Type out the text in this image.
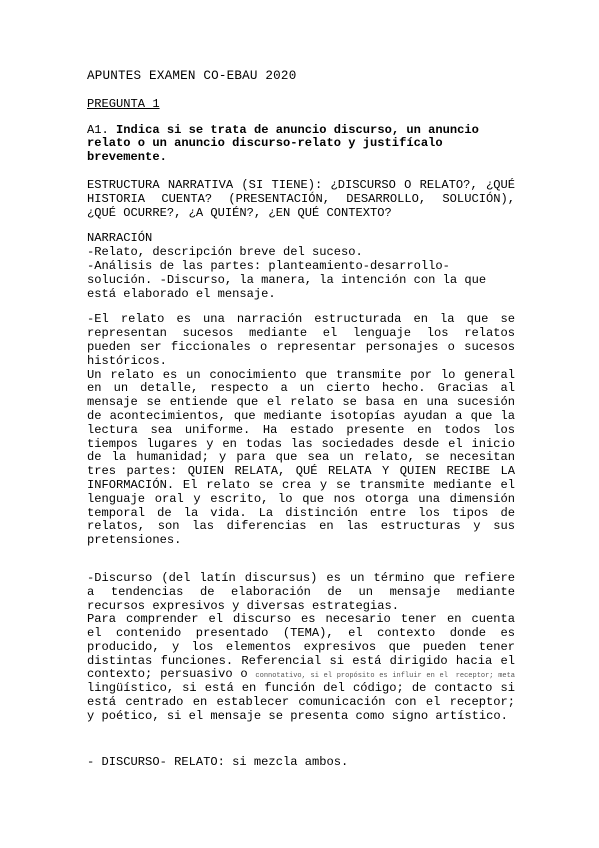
APUNTES EXAMEN CO-EBAU 2020
PREGUNTA 1
A1. Indica si se trata de anuncio discurso, un anuncio relato o un anuncio discurso-relato y justifícalo brevemente.
ESTRUCTURA NARRATIVA (SI TIENE): ¿DISCURSO O RELATO?, ¿QUÉ HISTORIA CUENTA? (PRESENTACIÓN, DESARROLLO, SOLUCIÓN), ¿QUÉ OCURRE?, ¿A QUIÉN?, ¿EN QUÉ CONTEXTO?
NARRACIÓN
-Relato, descripción breve del suceso.
-Análisis de las partes: planteamiento-desarrollo-
solución. -Discurso, la manera, la intención con la que
está elaborado el mensaje.
-El relato es una narración estructurada en la que se representan sucesos mediante el lenguaje los relatos pueden ser ficcionales o representar personajes o sucesos históricos.
Un relato es un conocimiento que transmite por lo general en un detalle, respecto a un cierto hecho. Gracias al mensaje se entiende que el relato se basa en una sucesión de acontecimientos, que mediante isotopías ayudan a que la lectura sea uniforme. Ha estado presente en todos los tiempos lugares y en todas las sociedades desde el inicio de la humanidad; y para que sea un relato, se necesitan tres partes: QUIEN RELATA, QUÉ RELATA Y QUIEN RECIBE LA INFORMACIÓN. El relato se crea y se transmite mediante el lenguaje oral y escrito, lo que nos otorga una dimensión temporal de la vida. La distinción entre los tipos de relatos, son las diferencias en las estructuras y sus pretensiones.
-Discurso (del latín discursus) es un término que refiere a tendencias de elaboración de un mensaje mediante recursos expresivos y diversas estrategias.
Para comprender el discurso es necesario tener en cuenta el contenido presentado (TEMA), el contexto donde es producido, y los elementos expresivos que pueden tener distintas funciones. Referencial si está dirigido hacia el contexto; persuasivo o connotativo, si el propósito es influir en el receptor; meta lingüístico, si está en función del código; de contacto si está centrado en establecer comunicación con el receptor; y poético, si el mensaje se presenta como signo artístico.
- DISCURSO- RELATO: si mezcla ambos.
